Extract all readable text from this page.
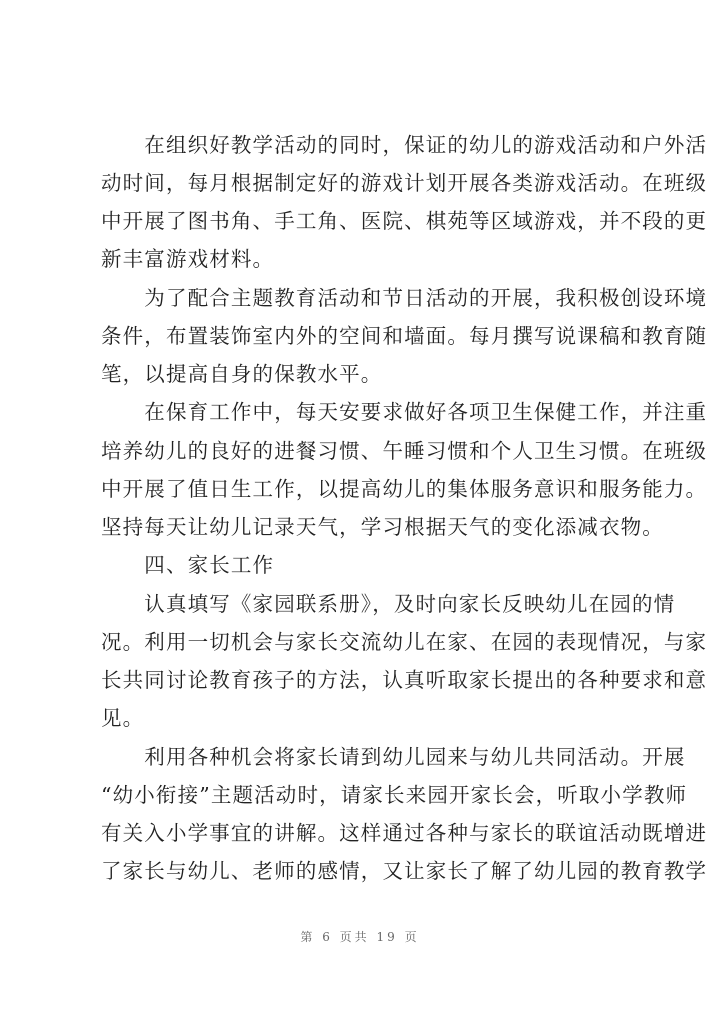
　　在组织好教学活动的同时，保证的幼儿的游戏活动和户外活
动时间，每月根据制定好的游戏计划开展各类游戏活动。在班级
中开展了图书角、手工角、医院、棋苑等区域游戏，并不段的更
新丰富游戏材料。
　　为了配合主题教育活动和节日活动的开展，我积极创设环境
条件，布置装饰室内外的空间和墙面。每月撰写说课稿和教育随
笔，以提高自身的保教水平。
　　在保育工作中，每天安要求做好各项卫生保健工作，并注重
培养幼儿的良好的进餐习惯、午睡习惯和个人卫生习惯。在班级
中开展了值日生工作，以提高幼儿的集体服务意识和服务能力。
坚持每天让幼儿记录天气，学习根据天气的变化添减衣物。
　　四、家长工作
　　认真填写《家园联系册》，及时向家长反映幼儿在园的情
况。利用一切机会与家长交流幼儿在家、在园的表现情况，与家
长共同讨论教育孩子的方法，认真听取家长提出的各种要求和意
见。
　　利用各种机会将家长请到幼儿园来与幼儿共同活动。开展
“幼小衔接”主题活动时，请家长来园开家长会，听取小学教师
有关入小学事宜的讲解。这样通过各种与家长的联谊活动既增进
了家长与幼儿、老师的感情，又让家长了解了幼儿园的教育教学
第 6 页共 19 页
